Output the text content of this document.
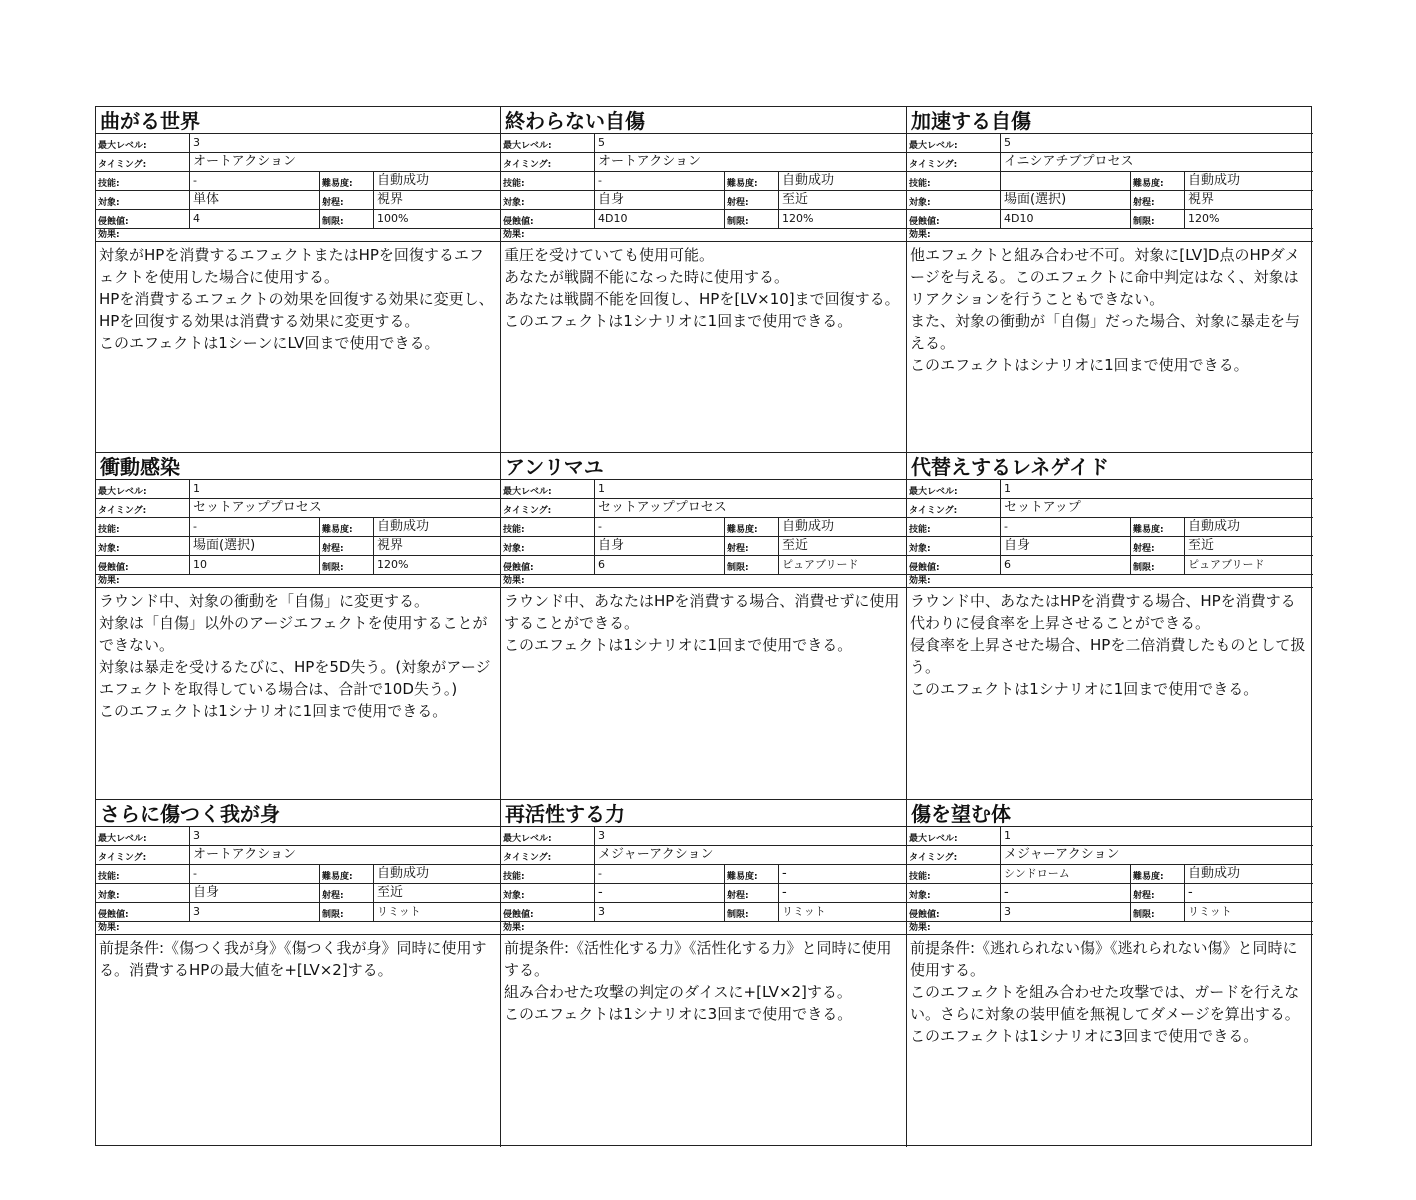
曲がる世界
最大レベル:	3
タイミング:	オートアクション
技能:	-	難易度:	自動成功
対象:	単体	射程:	視界
侵蝕値:	4	制限:	100%
効果:

対象がHPを消費するエフェクトまたはHPを回復するエフェクトを使用した場合に使用する。

HPを消費するエフェクトの効果を回復する効果に変更し、HPを回復する効果は消費する効果に変更する。

このエフェクトは1シーンにLV回まで使用できる。

終わらない自傷
最大レベル:	5
タイミング:	オートアクション
技能:	-	難易度:	自動成功
対象:	自身	射程:	至近
侵蝕値:	4D10	制限:	120%
効果:

重圧を受けていても使用可能。

あなたが戦闘不能になった時に使用する。

あなたは戦闘不能を回復し、HPを[LV×10]まで回復する。このエフェクトは1シナリオに1回まで使用できる。

加速する自傷
最大レベル:	5
タイミング:	イニシアチブプロセス
技能:	難易度:	自動成功
対象:	場面(選択)	射程:	視界
侵蝕値:	4D10	制限:	120%
効果:

他エフェクトと組み合わせ不可。対象に[LV]D点のHPダメージを与える。このエフェクトに命中判定はなく、対象はリアクションを行うこともできない。

また、対象の衝動が「自傷」だった場合、対象に暴走を与える。

このエフェクトはシナリオに1回まで使用できる。

衝動感染
最大レベル:	1
タイミング:	セットアッププロセス
技能:	-	難易度:	自動成功
対象:	場面(選択)	射程:	視界
侵蝕値:	10	制限:	120%
効果:

ラウンド中、対象の衝動を「自傷」に変更する。

対象は「自傷」以外のアージエフェクトを使用することができない。

対象は暴走を受けるたびに、HPを5D失う。(対象がアージエフェクトを取得している場合は、合計で10D失う。)

このエフェクトは1シナリオに1回まで使用できる。

アンリマユ
最大レベル:	1
タイミング:	セットアッププロセス
技能:	-	難易度:	自動成功
対象:	自身	射程:	至近
侵蝕値:	6	制限:	ピュアブリード
効果:

ラウンド中、あなたはHPを消費する場合、消費せずに使用することができる。

このエフェクトは1シナリオに1回まで使用できる。

代替えするレネゲイド
最大レベル:	1
タイミング:	セットアップ
技能:	-	難易度:	自動成功
対象:	自身	射程:	至近
侵蝕値:	6	制限:	ピュアブリード
効果:

ラウンド中、あなたはHPを消費する場合、HPを消費する代わりに侵食率を上昇させることができる。

侵食率を上昇させた場合、HPを二倍消費したものとして扱う。

このエフェクトは1シナリオに1回まで使用できる。

さらに傷つく我が身
最大レベル:	3
タイミング:	オートアクション
技能:	-	難易度:	自動成功
対象:	自身	射程:	至近
侵蝕値:	3	制限:	リミット
効果:

前提条件:《傷つく我が身》《傷つく我が身》同時に使用する。消費するHPの最大値を+[LV×2]する。

再活性する力
最大レベル:	3
タイミング:	メジャーアクション
技能:	-	難易度:	-
対象:	-	射程:	-
侵蝕値:	3	制限:	リミット
効果:

前提条件:《活性化する力》《活性化する力》と同時に使用する。

組み合わせた攻撃の判定のダイスに+[LV×2]する。

このエフェクトは1シナリオに3回まで使用できる。

傷を望む体
最大レベル:	1
タイミング:	メジャーアクション
技能:	シンドローム	難易度:	自動成功
対象:	-	射程:	-
侵蝕値:	3	制限:	リミット
効果:

前提条件:《逃れられない傷》《逃れられない傷》と同時に使用する。

このエフェクトを組み合わせた攻撃では、ガードを行えない。さらに対象の装甲値を無視してダメージを算出する。

このエフェクトは1シナリオに3回まで使用できる。
